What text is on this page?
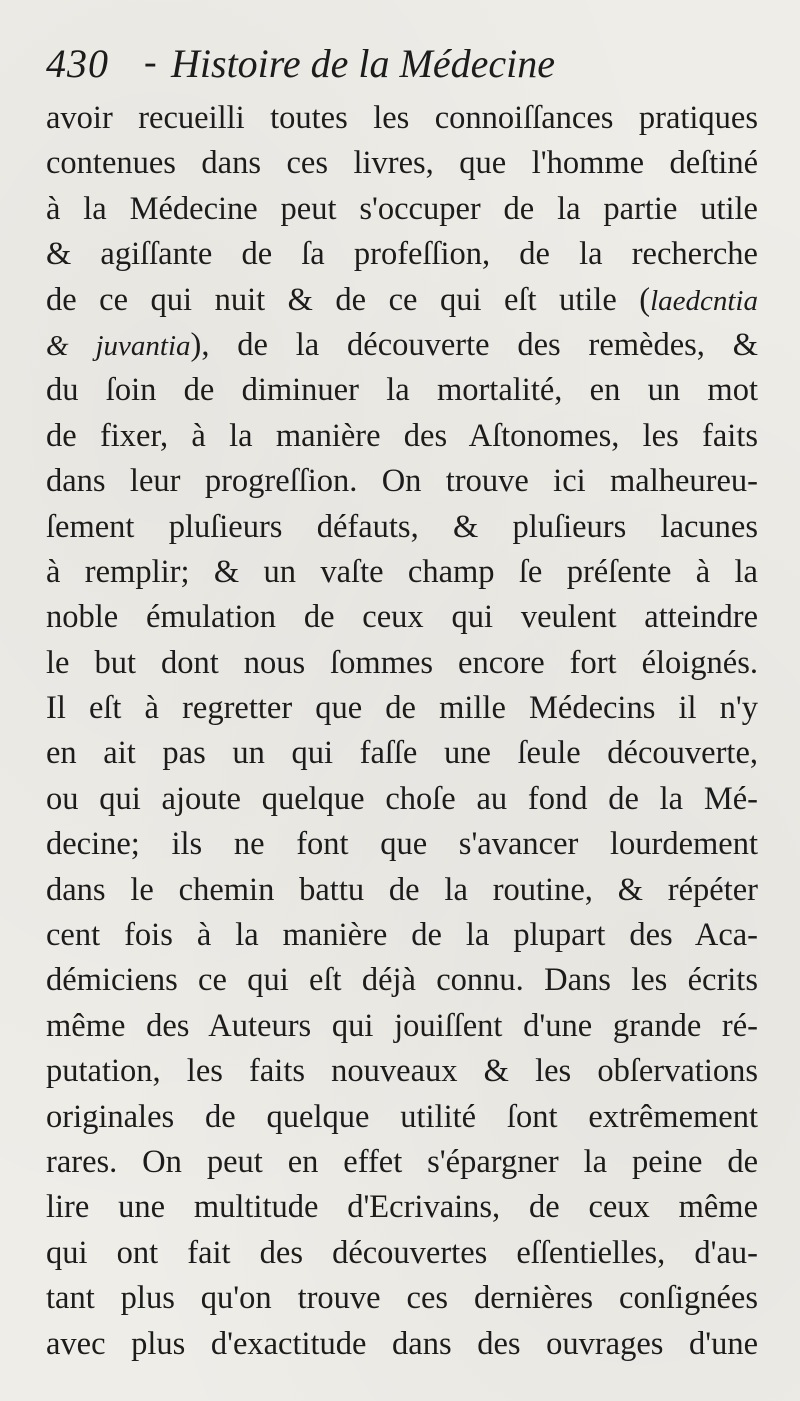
430 - Histoire de la Médecine
avoir recueilli toutes les connoiſſances pratiques
contenues dans ces livres, que l'homme deſtiné
à la Médecine peut s'occuper de la partie utile
& agiſſante de ſa profeſſion, de la recherche
de ce qui nuit & de ce qui eſt utile (laedcntia
& juvantia), de la découverte des remèdes, &
du ſoin de diminuer la mortalité, en un mot
de fixer, à la manière des Aſtonomes, les faits
dans leur progreſſion. On trouve ici malheureu-
ſement pluſieurs défauts, & pluſieurs lacunes
à remplir; & un vaſte champ ſe préſente à la
noble émulation de ceux qui veulent atteindre
le but dont nous ſommes encore fort éloignés.
Il eſt à regretter que de mille Médecins il n'y
en ait pas un qui faſſe une ſeule découverte,
ou qui ajoute quelque choſe au fond de la Mé-
decine; ils ne font que s'avancer lourdement
dans le chemin battu de la routine, & répéter
cent fois à la manière de la plupart des Aca-
démiciens ce qui eſt déjà connu. Dans les écrits
même des Auteurs qui jouiſſent d'une grande ré-
putation, les faits nouveaux & les obſervations
originales de quelque utilité ſont extrêmement
rares. On peut en effet s'épargner la peine de
lire une multitude d'Ecrivains, de ceux même
qui ont fait des découvertes eſſentielles, d'au-
tant plus qu'on trouve ces dernières conſignées
avec plus d'exactitude dans des ouvrages d'une
